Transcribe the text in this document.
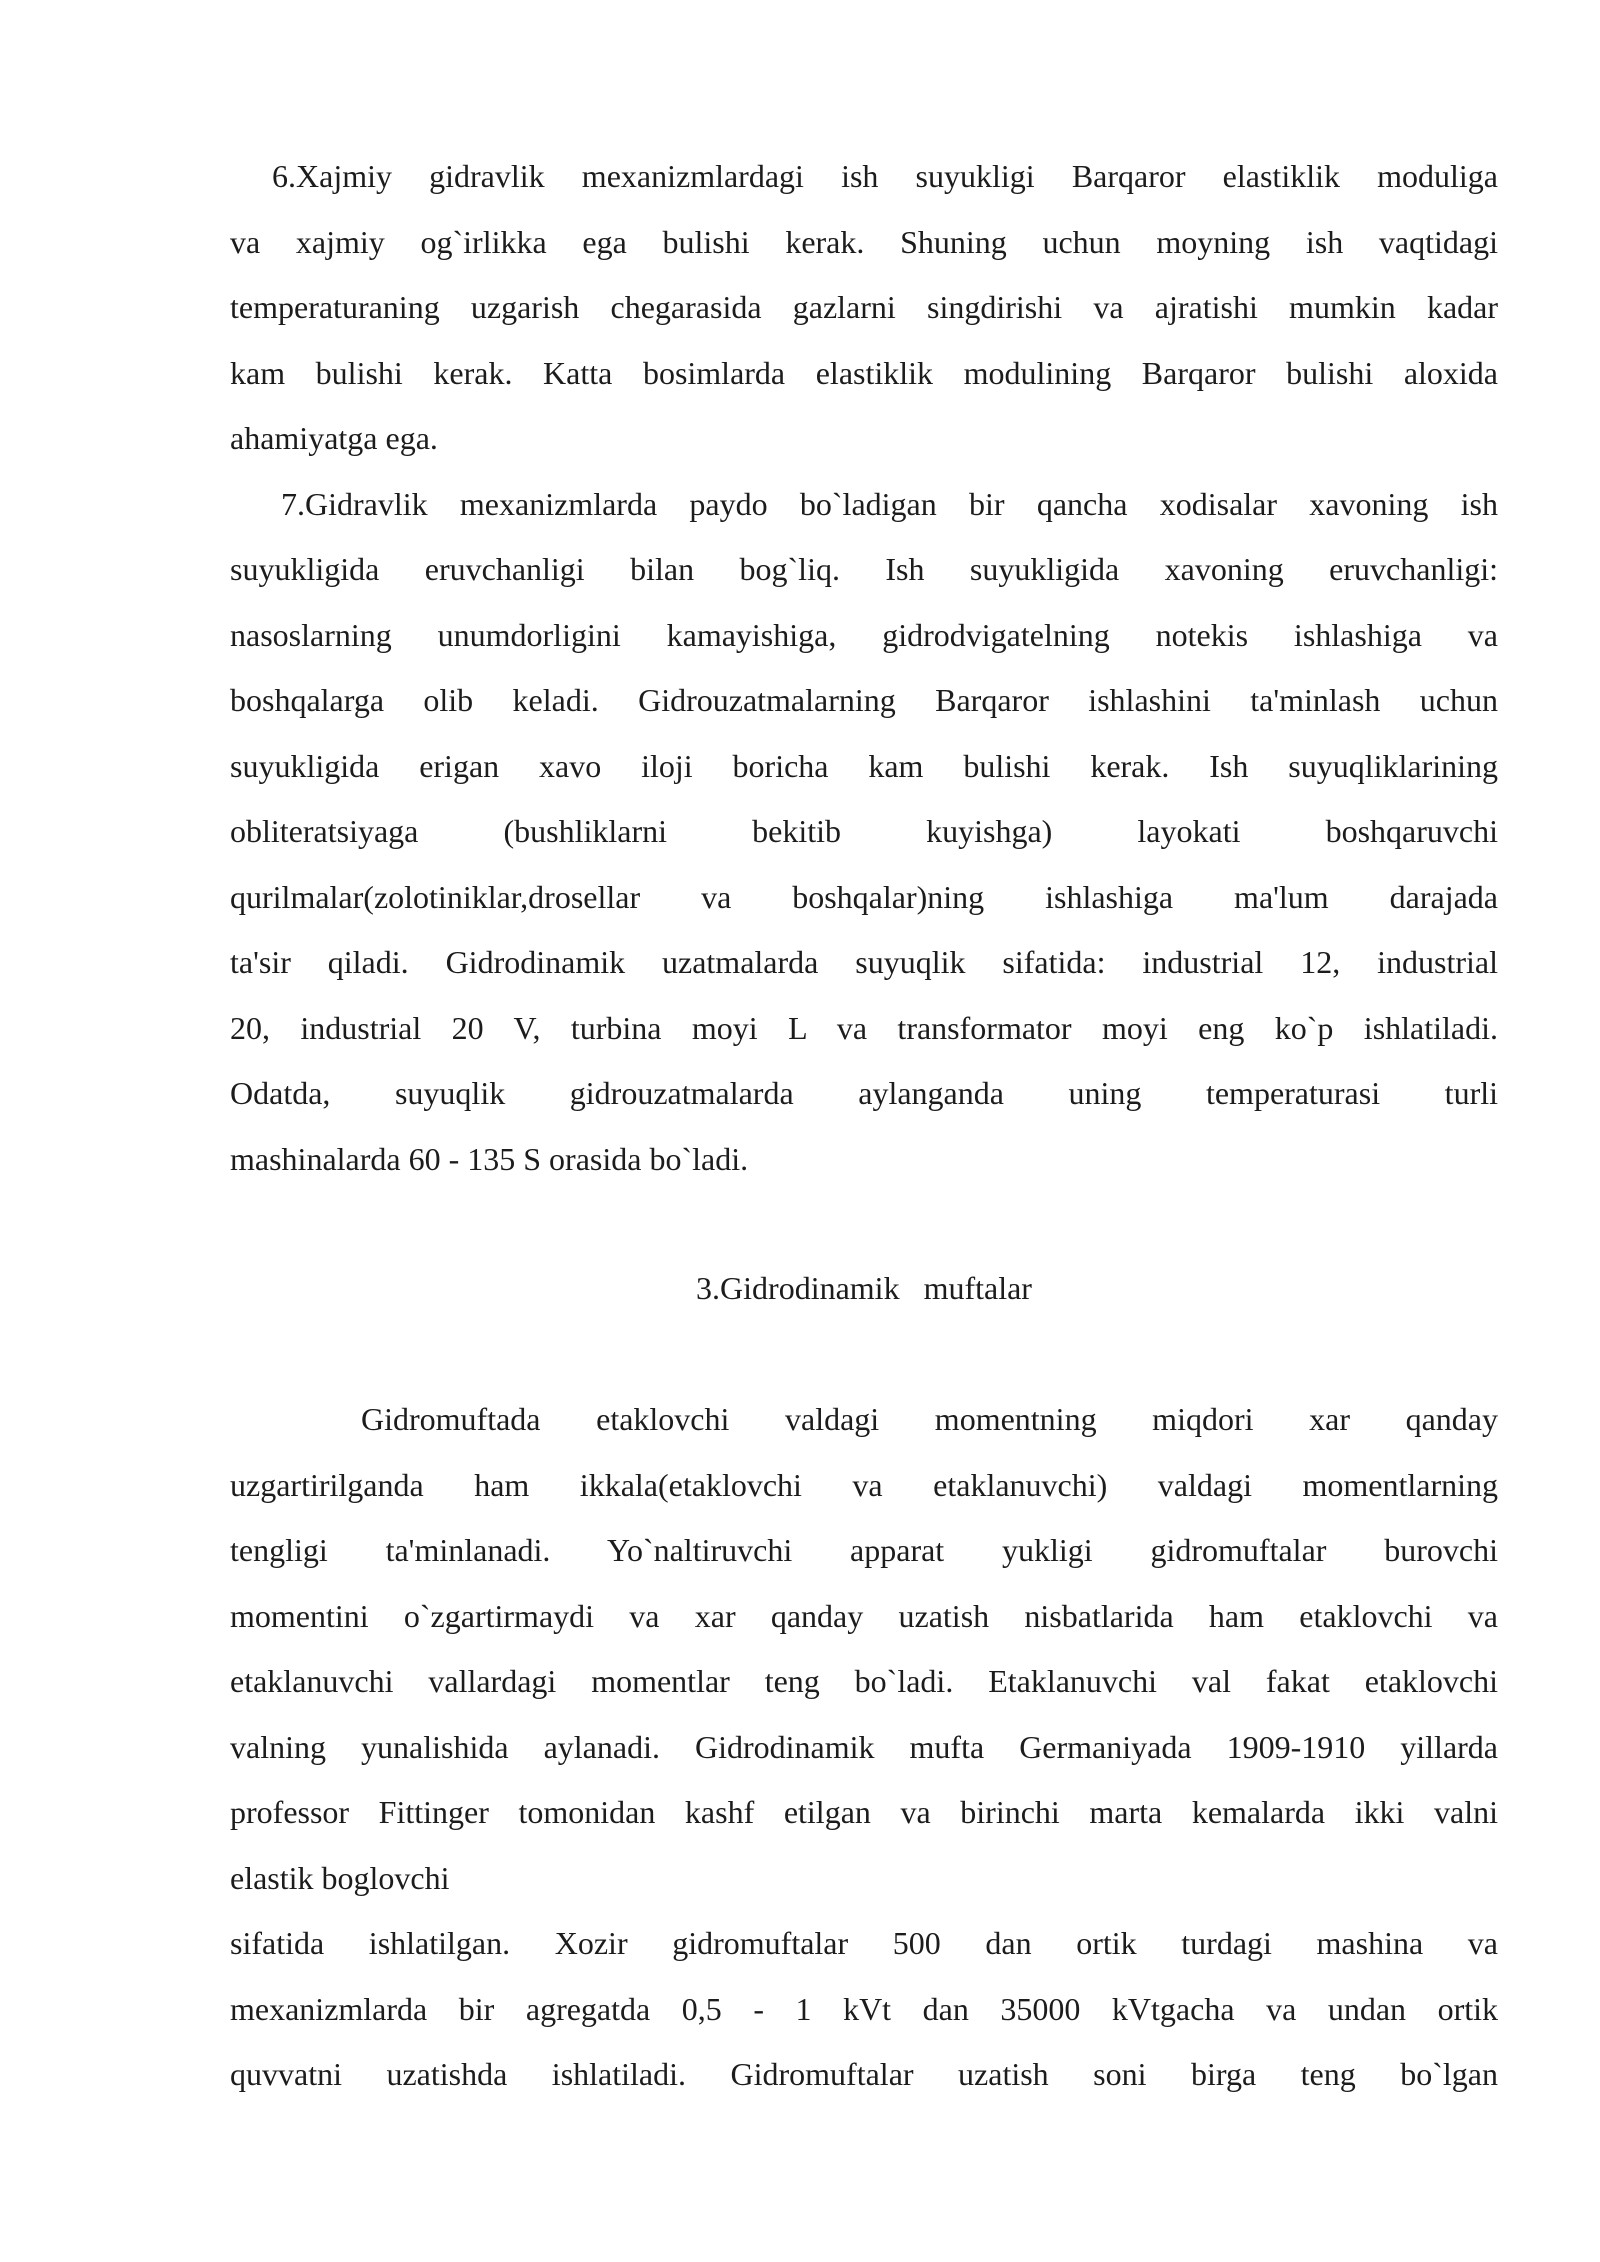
6.Xajmiy gidravlik mexanizmlardagi ish suyukligi Barqaror elastiklik moduliga
va xajmiy og`irlikka ega bulishi kerak. Shuning uchun moyning ish vaqtidagi
temperaturaning uzgarish chegarasida gazlarni singdirishi va ajratishi mumkin kadar
kam bulishi kerak. Katta bosimlarda elastiklik modulining Barqaror bulishi aloxida
ahamiyatga ega.
7.Gidravlik mexanizmlarda paydo bo`ladigan bir qancha xodisalar xavoning ish
suyukligida eruvchanligi bilan bog`liq. Ish suyukligida xavoning eruvchanligi:
nasoslarning unumdorligini kamayishiga, gidrodvigatelning notekis ishlashiga va
boshqalarga olib keladi. Gidrouzatmalarning Barqaror ishlashini ta'minlash uchun
suyukligida erigan xavo iloji boricha kam bulishi kerak. Ish suyuqliklarining
obliteratsiyaga (bushliklarni bekitib kuyishga) layokati boshqaruvchi
qurilmalar(zolotiniklar,drosellar va boshqalar)ning ishlashiga ma'lum darajada
ta'sir qiladi. Gidrodinamik uzatmalarda suyuqlik sifatida: industrial 12, industrial
20, industrial 20 V, turbina moyi L va transformator moyi eng ko`p ishlatiladi.
Odatda, suyuqlik gidrouzatmalarda aylanganda uning temperaturasi turli
mashinalarda 60 - 135 S orasida bo`ladi.
3.Gidrodinamik   muftalar
Gidromuftada etaklovchi valdagi momentning miqdori xar qanday
uzgartirilganda ham ikkala(etaklovchi va etaklanuvchi) valdagi momentlarning
tengligi ta'minlanadi. Yo`naltiruvchi apparat yukligi gidromuftalar burovchi
momentini o`zgartirmaydi va xar qanday uzatish nisbatlarida ham etaklovchi va
etaklanuvchi vallardagi momentlar teng bo`ladi. Etaklanuvchi val fakat etaklovchi
valning yunalishida aylanadi. Gidrodinamik mufta Germaniyada 1909-1910 yillarda
professor Fittinger tomonidan kashf etilgan va birinchi marta kemalarda ikki valni
elastik boglovchi
sifatida ishlatilgan. Xozir gidromuftalar 500 dan ortik turdagi mashina va
mexanizmlarda bir agregatda 0,5 - 1 kVt dan 35000 kVtgacha va undan ortik
quvvatni uzatishda ishlatiladi. Gidromuftalar uzatish soni birga teng bo`lgan
